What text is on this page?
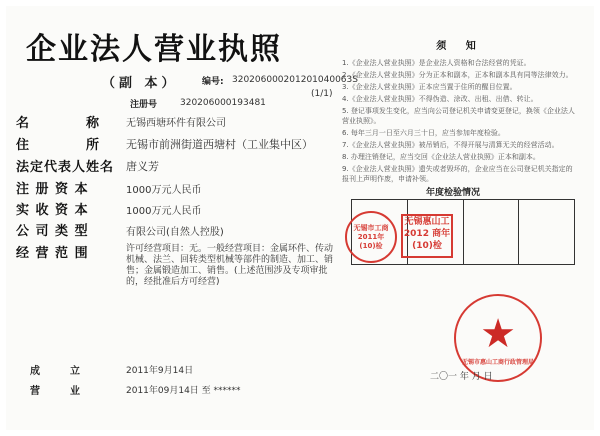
企业法人营业执照
（副 本）	编号: 320206000201201040063S
(1/1)
注册号	320206000193481
名　　　　称	无锡西塘环件有限公司
住　　　　所 无锡市前洲街道西塘村（工业集中区）
法定代表人姓名 唐义芳
注 册 资 本	1000万元人民币
实 收 资 本	1000万元人民币
公 司 类 型	有限公司(自然人控股)
经 营 范 围	许可经营项目：无。一般经营项目：金属环件、传动机械、法兰、回转类型机械等部件的制造、加工、销售；金属锻造加工、销售。(上述范围涉及专项审批的，经批准后方可经营)
成　　　立	2011年9月14日
营　　　业	2011年09月14日 至 ******
须 知
1.《企业法人营业执照》是企业法人资格和合法经营的凭证。
2.《企业法人营业执照》分为正本和副本，正本和副本具有同等法律效力。
3.《企业法人营业执照》正本应当置于住所的醒目位置。
4.《企业法人营业执照》不得伪造、涂改、出租、出借、转让。
5. 登记事项发生变化，应当向公司登记机关申请变更登记，换领《企业法人营业执照》。
6. 每年三月一日至六月三十日，应当参加年度检验。
7.《企业法人营业执照》被吊销后，不得开展与清算无关的经营活动。
8. 办理注销登记，应当交回《企业法人营业执照》正本和副本。
9.《企业法人营业执照》遗失或者毁坏的，企业应当在公司登记机关指定的报刊上声明作废，申请补领。
年度检验情况
无锡市工商2011年(10)检
无锡惠山工 2012 商年(10)检
★
无锡市惠山工商行政管理局
二〇一 年 月 日
